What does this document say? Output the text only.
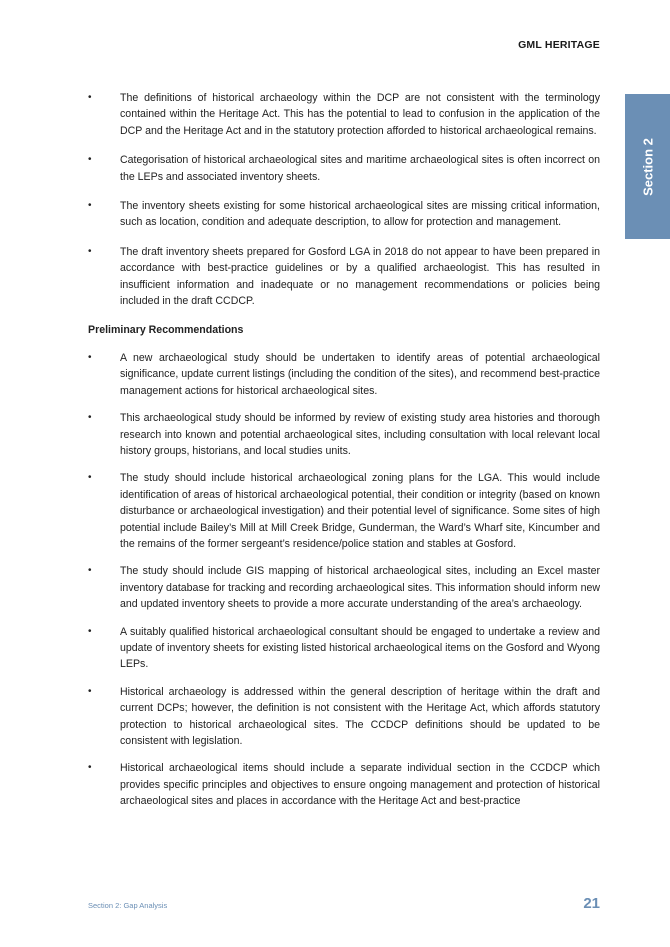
GML HERITAGE
Section 2
• The definitions of historical archaeology within the DCP are not consistent with the terminology contained within the Heritage Act. This has the potential to lead to confusion in the application of the DCP and the Heritage Act and in the statutory protection afforded to historical archaeological remains.
• Categorisation of historical archaeological sites and maritime archaeological sites is often incorrect on the LEPs and associated inventory sheets.
• The inventory sheets existing for some historical archaeological sites are missing critical information, such as location, condition and adequate description, to allow for protection and management.
• The draft inventory sheets prepared for Gosford LGA in 2018 do not appear to have been prepared in accordance with best-practice guidelines or by a qualified archaeologist. This has resulted in insufficient information and inadequate or no management recommendations or policies being included in the draft CCDCP.
Preliminary Recommendations
• A new archaeological study should be undertaken to identify areas of potential archaeological significance, update current listings (including the condition of the sites), and recommend best-practice management actions for historical archaeological sites.
• This archaeological study should be informed by review of existing study area histories and thorough research into known and potential archaeological sites, including consultation with local relevant local history groups, historians, and local studies units.
• The study should include historical archaeological zoning plans for the LGA. This would include identification of areas of historical archaeological potential, their condition or integrity (based on known disturbance or archaeological investigation) and their potential level of significance. Some sites of high potential include Bailey’s Mill at Mill Creek Bridge, Gunderman, the Ward’s Wharf site, Kincumber and the remains of the former sergeant’s residence/police station and stables at Gosford.
• The study should include GIS mapping of historical archaeological sites, including an Excel master inventory database for tracking and recording archaeological sites. This information should inform new and updated inventory sheets to provide a more accurate understanding of the area’s archaeology.
• A suitably qualified historical archaeological consultant should be engaged to undertake a review and update of inventory sheets for existing listed historical archaeological items on the Gosford and Wyong LEPs.
• Historical archaeology is addressed within the general description of heritage within the draft and current DCPs; however, the definition is not consistent with the Heritage Act, which affords statutory protection to historical archaeological sites. The CCDCP definitions should be updated to be consistent with legislation.
• Historical archaeological items should include a separate individual section in the CCDCP which provides specific principles and objectives to ensure ongoing management and protection of historical archaeological sites and places in accordance with the Heritage Act and best-practice
Section 2: Gap Analysis	21
